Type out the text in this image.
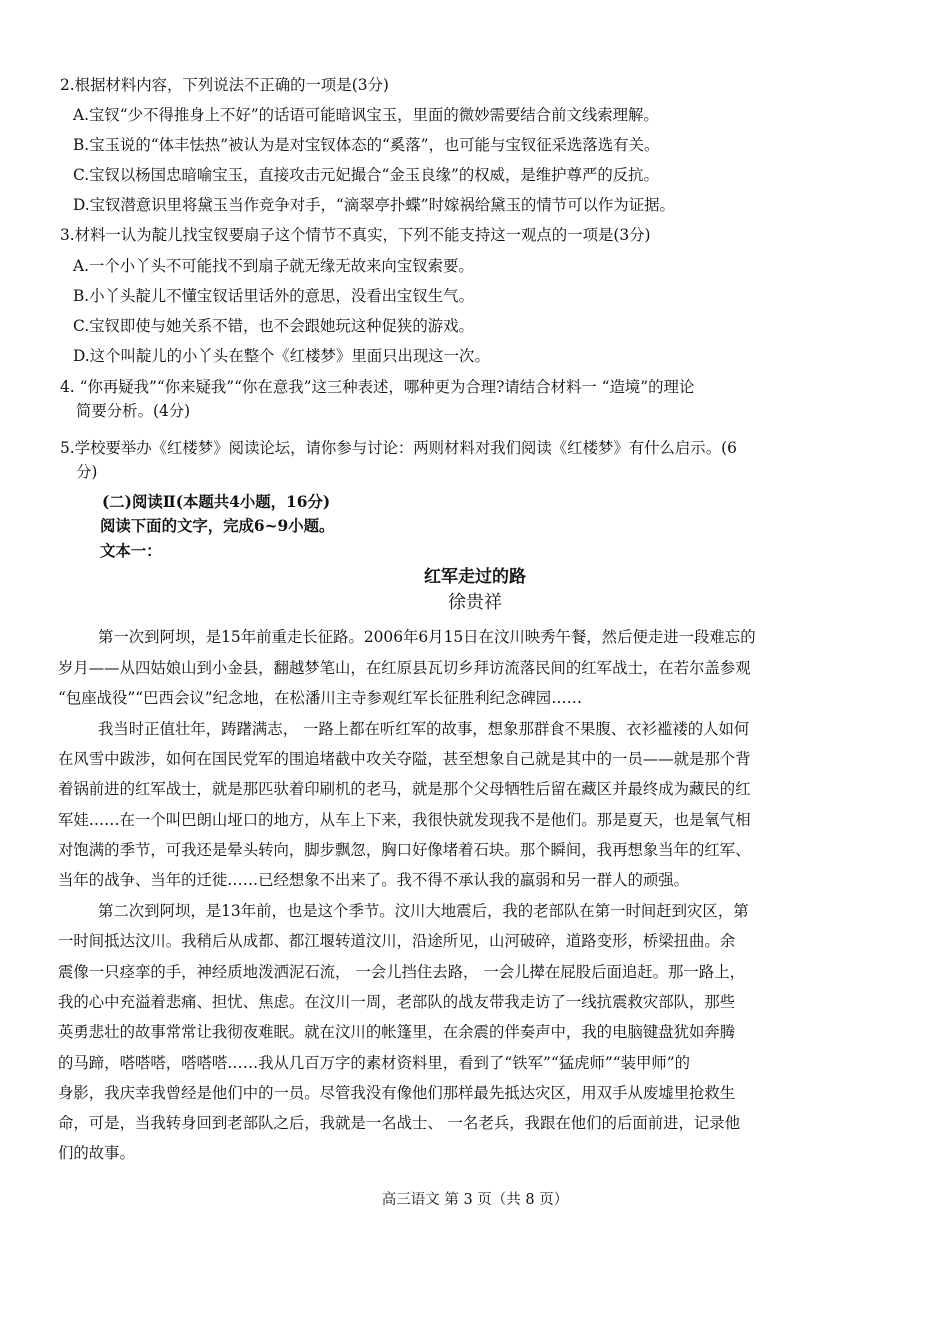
2.根据材料内容，下列说法不正确的一项是(3分)
A.宝钗“少不得推身上不好”的话语可能暗讽宝玉，里面的微妙需要结合前文线索理解。
B.宝玉说的“体丰怯热”被认为是对宝钗体态的“奚落”，也可能与宝钗征采选落选有关。
C.宝钗以杨国忠暗喻宝玉，直接攻击元妃撮合“金玉良缘”的权威，是维护尊严的反抗。
D.宝钗潜意识里将黛玉当作竞争对手，“滴翠亭扑蝶”时嫁祸给黛玉的情节可以作为证据。
3.材料一认为靛儿找宝钗要扇子这个情节不真实，下列不能支持这一观点的一项是(3分)
A.一个小丫头不可能找不到扇子就无缘无故来向宝钗索要。
B.小丫头靛儿不懂宝钗话里话外的意思，没看出宝钗生气。
C.宝钗即使与她关系不错，也不会跟她玩这种促狭的游戏。
D.这个叫靛儿的小丫头在整个《红楼梦》里面只出现这一次。
4. “你再疑我”“你来疑我”“你在意我”这三种表述，哪种更为合理?请结合材料一 “造境”的理论
简要分析。(4分)
5.学校要举办《红楼梦》阅读论坛，请你参与讨论：两则材料对我们阅读《红楼梦》有什么启示。(6
分)
(二)阅读Ⅱ(本题共4小题，16分)
阅读下面的文字，完成6~9小题。
文本一：
红军走过的路
徐贵祥
第一次到阿坝，是15年前重走长征路。2006年6月15日在汶川映秀午餐，然后便走进一段难忘的
岁月——从四姑娘山到小金县，翻越梦笔山，在红原县瓦切乡拜访流落民间的红军战士，在若尔盖参观
“包座战役”“巴西会议”纪念地，在松潘川主寺参观红军长征胜利纪念碑园……
我当时正值壮年，踌躇满志， 一路上都在听红军的故事，想象那群食不果腹、衣衫褴褛的人如何
在风雪中跋涉，如何在国民党军的围追堵截中攻关夺隘，甚至想象自己就是其中的一员——就是那个背
着锅前进的红军战士，就是那匹驮着印刷机的老马，就是那个父母牺牲后留在藏区并最终成为藏民的红
军娃……在一个叫巴朗山垭口的地方，从车上下来，我很快就发现我不是他们。那是夏天，也是氧气相
对饱满的季节，可我还是晕头转向，脚步飘忽，胸口好像堵着石块。那个瞬间，我再想象当年的红军、
当年的战争、当年的迁徙……已经想象不出来了。我不得不承认我的羸弱和另一群人的顽强。
第二次到阿坝，是13年前，也是这个季节。汶川大地震后，我的老部队在第一时间赶到灾区，第
一时间抵达汶川。我稍后从成都、都江堰转道汶川，沿途所见，山河破碎，道路变形，桥梁扭曲。余
震像一只痉挛的手，神经质地泼洒泥石流， 一会儿挡住去路， 一会儿撵在屁股后面追赶。那一路上，
我的心中充溢着悲痛、担忧、焦虑。在汶川一周，老部队的战友带我走访了一线抗震救灾部队，那些
英勇悲壮的故事常常让我彻夜难眠。就在汶川的帐篷里，在余震的伴奏声中，我的电脑键盘犹如奔腾
的马蹄，嗒嗒嗒，嗒嗒嗒……我从几百万字的素材资料里，看到了“铁军”“猛虎师”“装甲师”的
身影，我庆幸我曾经是他们中的一员。尽管我没有像他们那样最先抵达灾区，用双手从废墟里抢救生
命，可是，当我转身回到老部队之后，我就是一名战士、 一名老兵，我跟在他们的后面前进，记录他
们的故事。
高三语文 第 3 页（共 8 页）
